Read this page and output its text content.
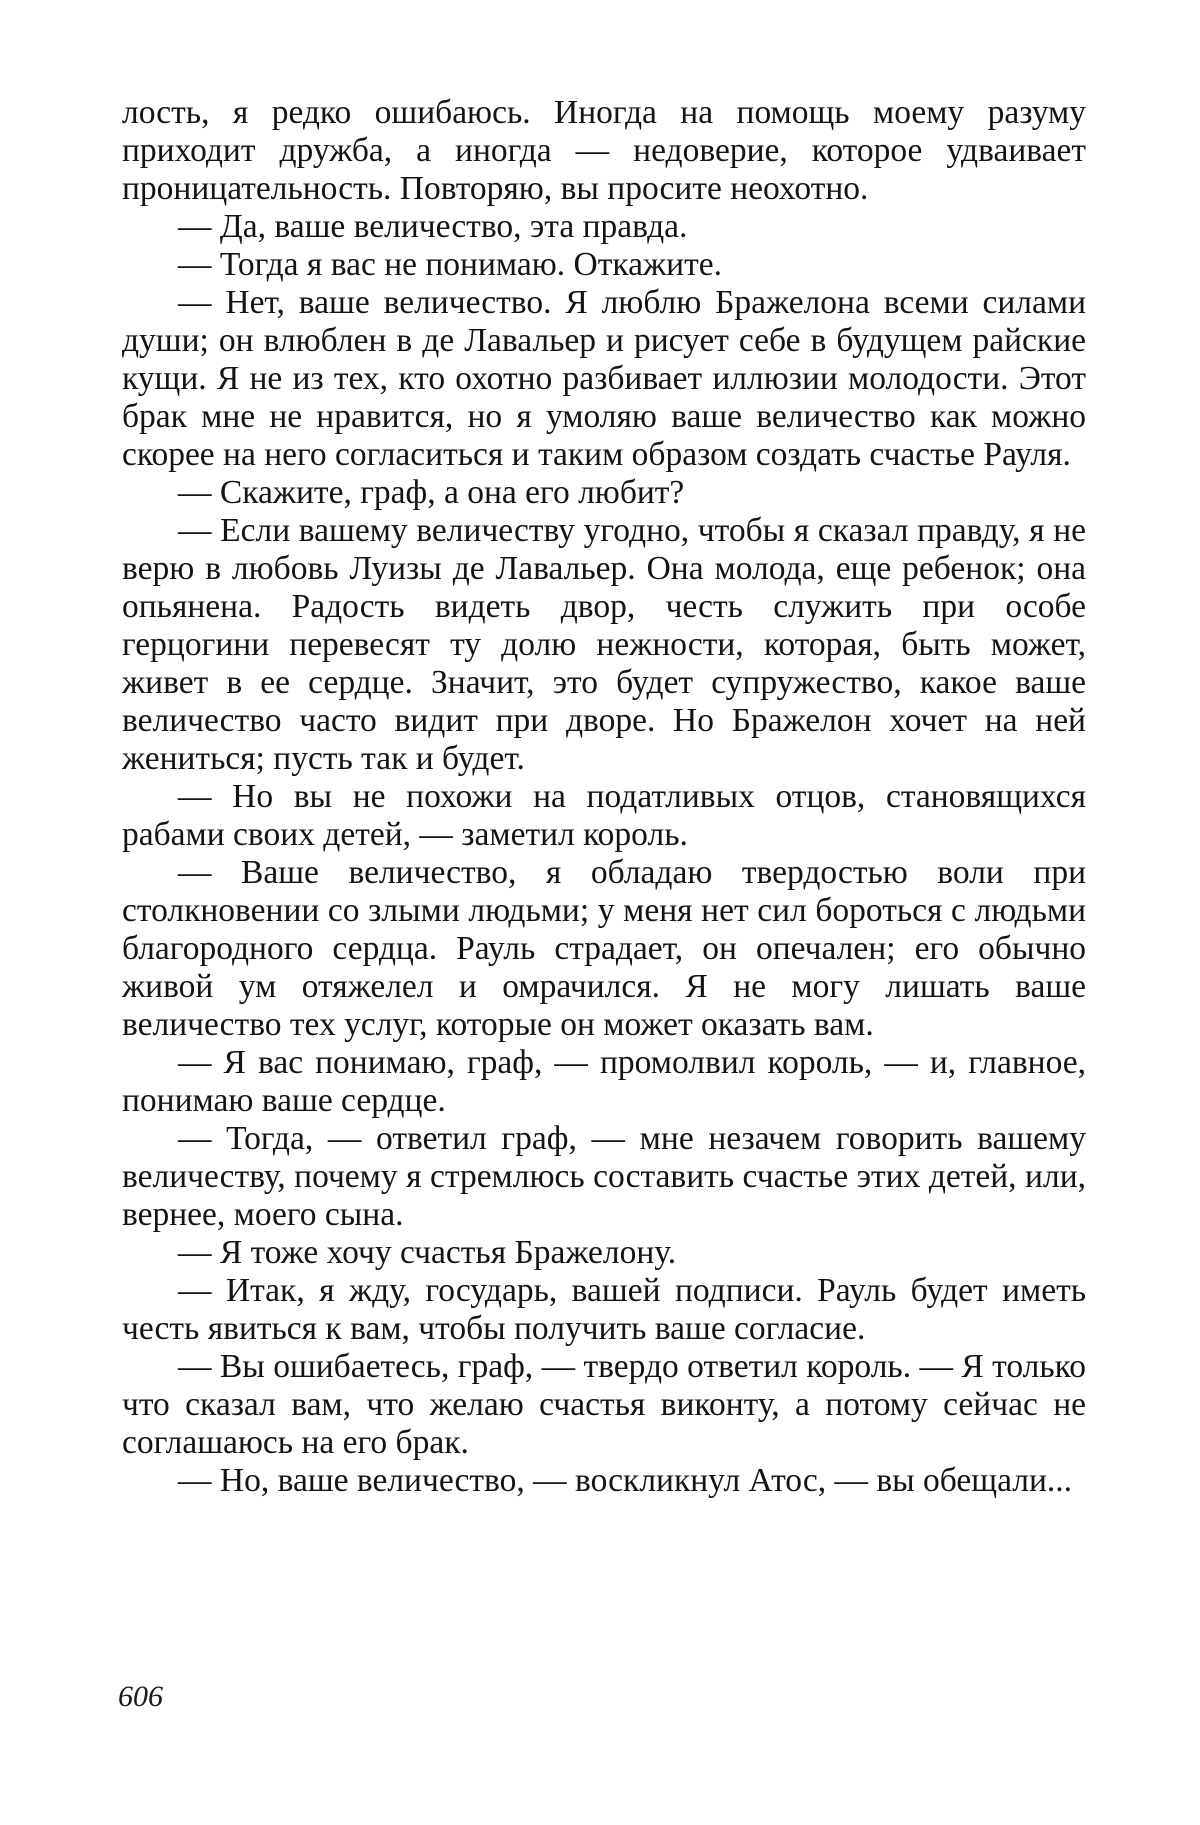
лость, я редко ошибаюсь. Иногда на помощь моему разуму приходит дружба, а иногда — недоверие, которое удваивает проницательность. Повторяю, вы просите неохотно.

— Да, ваше величество, эта правда.

— Тогда я вас не понимаю. Откажите.

— Нет, ваше величество. Я люблю Бражелона всеми силами души; он влюблен в де Лавальер и рисует себе в будущем райские кущи. Я не из тех, кто охотно разбивает иллюзии молодости. Этот брак мне не нравится, но я умоляю ваше величество как можно скорее на него согласиться и таким образом создать счастье Рауля.

— Скажите, граф, а она его любит?

— Если вашему величеству угодно, чтобы я сказал правду, я не верю в любовь Луизы де Лавальер. Она молода, еще ребенок; она опьянена. Радость видеть двор, честь служить при особе герцогини перевесят ту долю нежности, которая, быть может, живет в ее сердце. Значит, это будет супружество, какое ваше величество часто видит при дворе. Но Бражелон хочет на ней жениться; пусть так и будет.

— Но вы не похожи на податливых отцов, становящихся рабами своих детей, — заметил король.

— Ваше величество, я обладаю твердостью воли при столкновении со злыми людьми; у меня нет сил бороться с людьми благородного сердца. Рауль страдает, он опечален; его обычно живой ум отяжелел и омрачился. Я не могу лишать ваше величество тех услуг, которые он может оказать вам.

— Я вас понимаю, граф, — промолвил король, — и, главное, понимаю ваше сердце.

— Тогда, — ответил граф, — мне незачем говорить вашему величеству, почему я стремлюсь составить счастье этих детей, или, вернее, моего сына.

— Я тоже хочу счастья Бражелону.

— Итак, я жду, государь, вашей подписи. Рауль будет иметь честь явиться к вам, чтобы получить ваше согласие.

— Вы ошибаетесь, граф, — твердо ответил король. — Я только что сказал вам, что желаю счастья виконту, а потому сейчас не соглашаюсь на его брак.

— Но, ваше величество, — воскликнул Атос, — вы обещали...

606
